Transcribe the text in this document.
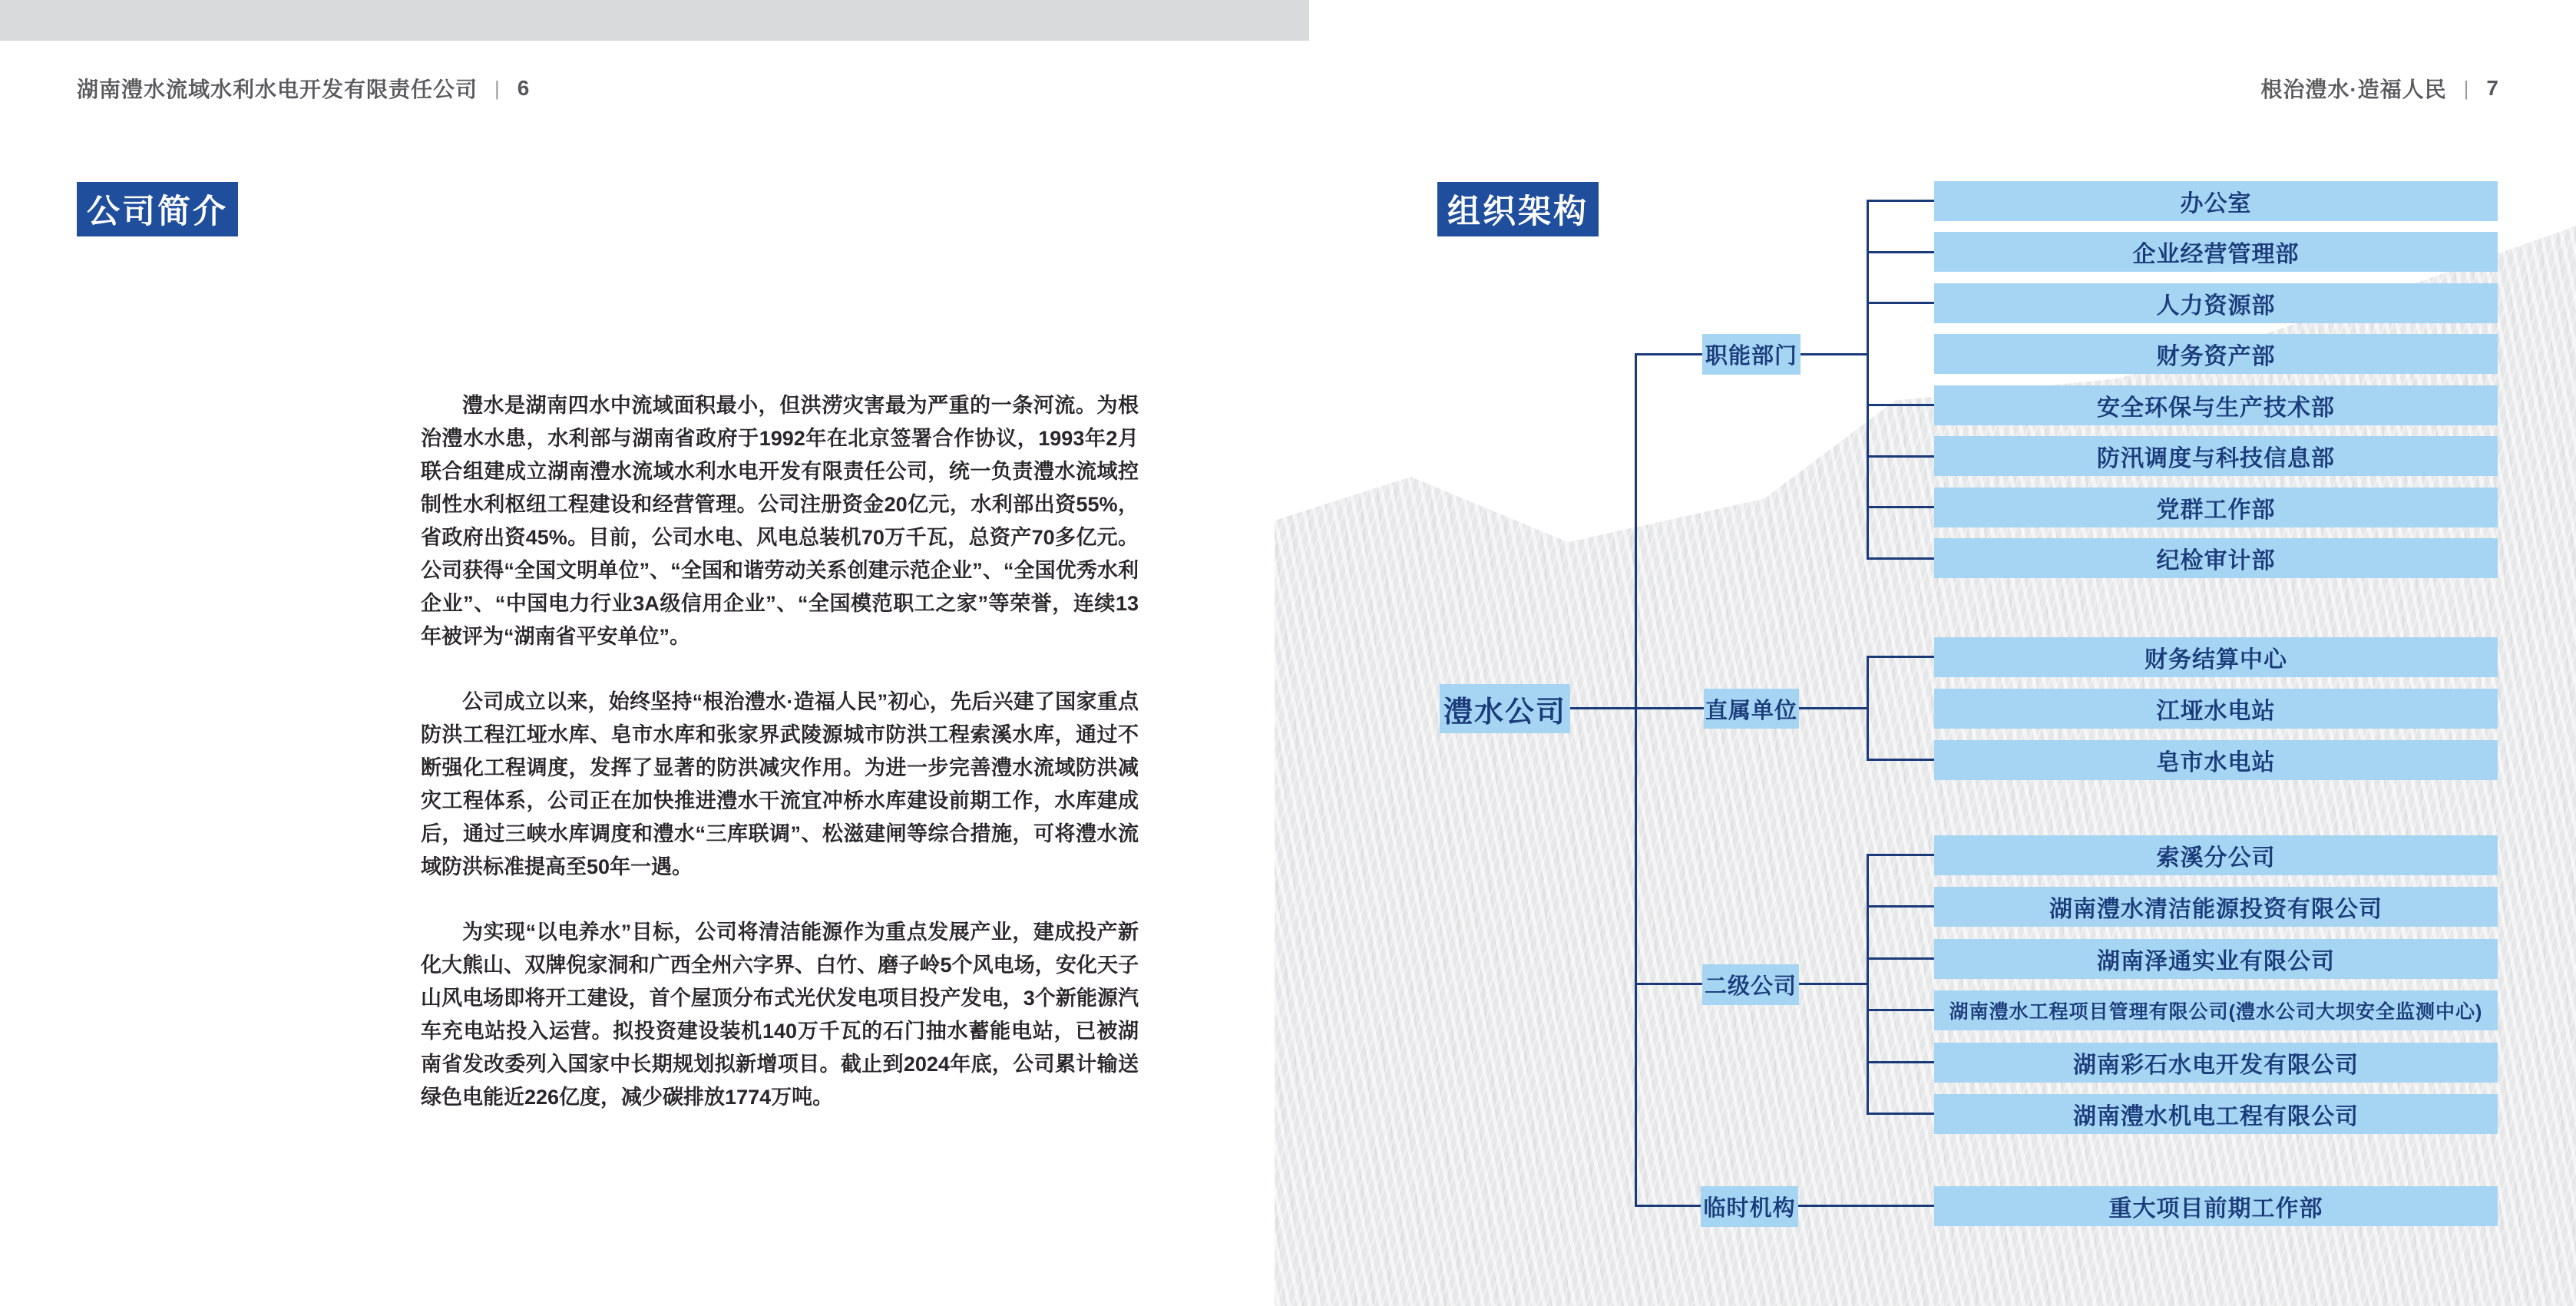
湖南澧水流域水利水电开发有限责任公司 | 6	根治澧水·造福人民 | 7
公司简介	组织架构

澧水是湖南四水中流域面积最小，但洪涝灾害最为严重的一条河流。为根治澧水水患，水利部与湖南省政府于1992年在北京签署合作协议，1993年2月联合组建成立湖南澧水流域水利水电开发有限责任公司，统一负责澧水流域控制性水利枢纽工程建设和经营管理。公司注册资金20亿元，水利部出资55%，省政府出资45%。目前，公司水电、风电总装机70万千瓦，总资产70多亿元。公司获得“全国文明单位”、“全国和谐劳动关系创建示范企业”、“全国优秀水利企业”、“中国电力行业3A级信用企业”、“全国模范职工之家”等荣誉，连续13年被评为“湖南省平安单位”。

公司成立以来，始终坚持“根治澧水·造福人民”初心，先后兴建了国家重点防洪工程江垭水库、皂市水库和张家界武陵源城市防洪工程索溪水库，通过不断强化工程调度，发挥了显著的防洪减灾作用。为进一步完善澧水流域防洪减灾工程体系，公司正在加快推进澧水干流宜冲桥水库建设前期工作，水库建成后，通过三峡水库调度和澧水“三库联调”、松滋建闸等综合措施，可将澧水流域防洪标准提高至50年一遇。

为实现“以电养水”目标，公司将清洁能源作为重点发展产业，建成投产新化大熊山、双牌倪家洞和广西全州六字界、白竹、磨子岭5个风电场，安化天子山风电场即将开工建设，首个屋顶分布式光伏发电项目投产发电，3个新能源汽车充电站投入运营。拟投资建设装机140万千瓦的石门抽水蓄能电站，已被湖南省发改委列入国家中长期规划拟新增项目。截止到2024年底，公司累计输送绿色电能近226亿度，减少碳排放1774万吨。

澧水公司
职能部门
直属单位
二级公司
临时机构
办公室
企业经营管理部
人力资源部
财务资产部
安全环保与生产技术部
防汛调度与科技信息部
党群工作部
纪检审计部
财务结算中心
江垭水电站
皂市水电站
索溪分公司
湖南澧水清洁能源投资有限公司
湖南泽通实业有限公司
湖南澧水工程项目管理有限公司(澧水公司大坝安全监测中心)
湖南彩石水电开发有限公司
湖南澧水机电工程有限公司
重大项目前期工作部
